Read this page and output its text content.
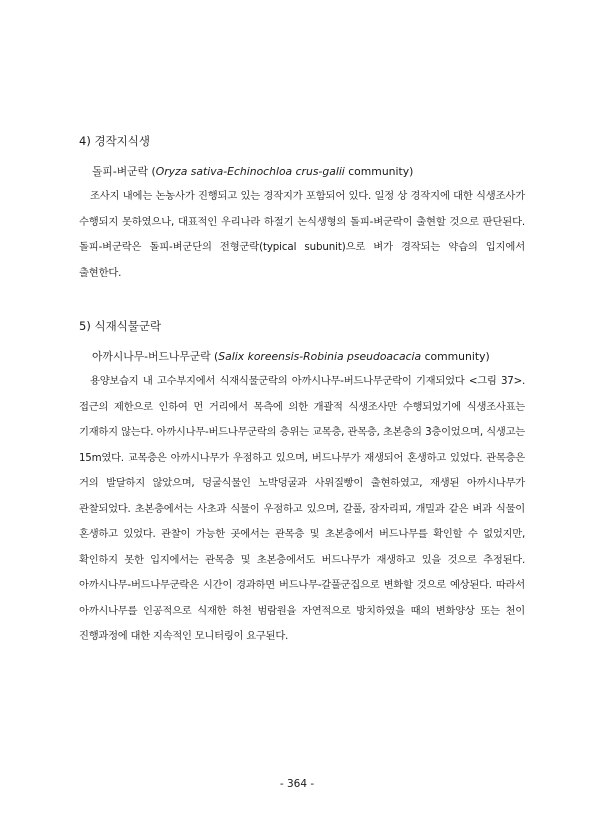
4) 경작지식생
돌피-벼군락 (Oryza sativa-Echinochloa crus-galii community)

조사지 내에는 논농사가 진행되고 있는 경작지가 포함되어 있다. 일정 상 경작지에 대한 식생조사가 수행되지 못하였으나, 대표적인 우리나라 하절기 논식생형의 돌피-벼군락이 출현할 것으로 판단된다. 돌피-벼군락은 돌피-벼군단의 전형군락(typical subunit)으로 벼가 경작되는 약습의 입지에서 출현한다.

5) 식재식물군락
아까시나무-버드나무군락 (Salix koreensis-Robinia pseudoacacia community)

용양보습지 내 고수부지에서 식재식물군락의 아까시나무-버드나무군락이 기재되었다 <그림 37>. 접근의 제한으로 인하여 먼 거리에서 목측에 의한 개괄적 식생조사만 수행되었기에 식생조사표는 기재하지 않는다. 아까시나무-버드나무군락의 층위는 교목층, 관목층, 초본층의 3층이었으며, 식생고는 15m였다. 교목층은 아까시나무가 우점하고 있으며, 버드나무가 재생되어 혼생하고 있었다. 관목층은 거의 발달하지 않았으며, 덩굴식물인 노박덩굴과 사위질빵이 출현하였고, 재생된 아까시나무가 관찰되었다. 초본층에서는 사초과 식물이 우점하고 있으며, 갈풀, 잠자리피, 개밀과 같은 벼과 식물이 혼생하고 있었다. 관찰이 가능한 곳에서는 관목층 및 초본층에서 버드나무를 확인할 수 없었지만, 확인하지 못한 입지에서는 관목층 및 초본층에서도 버드나무가 재생하고 있을 것으로 추정된다. 아까시나무-버드나무군락은 시간이 경과하면 버드나무-갈풀군집으로 변화할 것으로 예상된다. 따라서 아까시나무를 인공적으로 식재한 하천 범람원을 자연적으로 방치하였을 때의 변화양상 또는 천이 진행과정에 대한 지속적인 모니터링이 요구된다.

- 364 -
